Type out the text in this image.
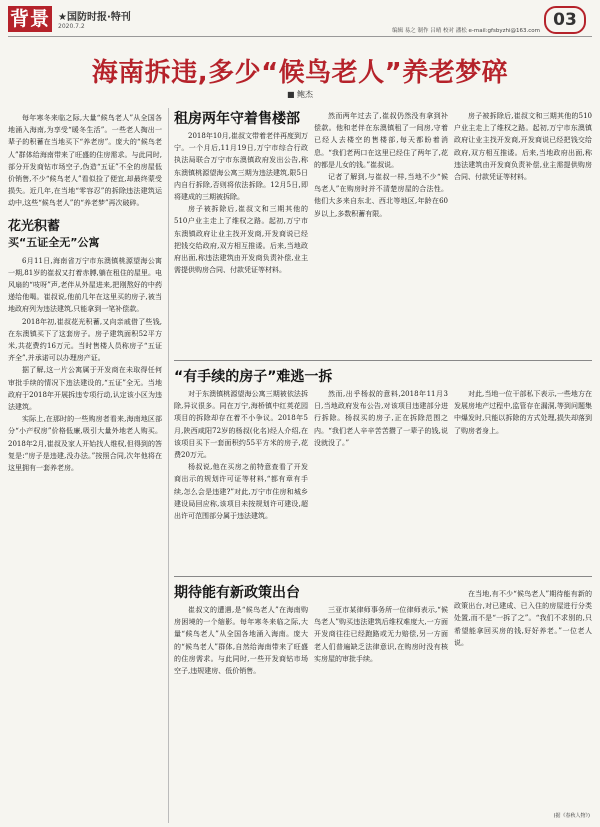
背景 ★国防时报·特刊
2020.7.2
编辑 易之 制作 吕晴 校对 潘松 e-mail:gfsbyzhi@163.com
03
海南拆违,多少“候鸟老人”养老梦碎
■ 鲍杰

每年寒冬来临之际,大量“候鸟老人”从全国各地涌入海南,为享受“暖冬生活”。一些老人掏出一辈子的积蓄在当地买下“养老房”。庞大的“候鸟老人”群体给海南带来了旺盛的住房需求。与此同时,部分开发商钻市场空子,伪造“五证”不全的房屋低价销售,不少“候鸟老人”看似捡了便宜,却最终蒙受损失。近几年,在当地“零容忍”的拆除违法建筑运动中,这些“候鸟老人”的“养老梦”再次破碎。

花光积蓄
买“五证全无”公寓

6月11日,海南省万宁市东澳镇桃源望海公寓一期,81岁的崔叔又打着赤膊,躺在租住的屋里。电风扇的“吱呀”声,老伴从外屋进来,把刚熬好的中药递给他喝。崔叔说,他前几年在这里买的房子,被当地政府列为违法建筑,只能拿到一笔补偿款。

2018年初,崔叔花光积蓄,又向亲戚借了些钱,在东澳镇买下了这套房子。房子建筑面积52平方米,共花费约16万元。当时售楼人员称房子“五证齐全”,并承诺可以办理房产证。

据了解,这一片公寓属于开发商在未取得任何审批手续的情况下违法建设的,“五证”全无。当地政府于2018年开展拆违专项行动,认定该小区为违法建筑。

实际上,在那时的一些购房者看来,海南地区部分“小产权房”价格低廉,吸引大量外地老人购买。2018年2月,崔叔及家人开始找人维权,但得到的答复是:“房子是违建,没办法。”按照合同,次年他将在这里拥有一套养老房。

租房两年守着售楼部

2018年10月,崔叔文带着老伴再度到万宁。一个月后,11月19日,万宁市综合行政执法局联合万宁市东澳镇政府发出公告,称东澳镇桃源望海公寓三期为违法建筑,限5日内自行拆除,否则将依法拆除。12月5日,即将建成的三期被拆除。

房子被拆除后,崔叔文和三期其他的510户业主走上了维权之路。起初,万宁市东澳镇政府让业主找开发商,开发商说已经把钱交给政府,双方相互推诿。后来,当地政府出面,称违法建筑由开发商负责补偿,业主需提供购房合同、付款凭证等材料。

然而两年过去了,崔叔仍然没有拿到补偿款。他和老伴在东澳镇租了一间房,守着已经人去楼空的售楼部,每天都盼着消息。“我们老两口在这里已经住了两年了,花的都是儿女的钱。”崔叔说。

记者了解到,与崔叔一样,当地不少“候鸟老人”在购房时并不清楚房屋的合法性。他们大多来自东北、西北等地区,年龄在60岁以上,多数积蓄有限。

房子被拆除后,崔叔文和三期其他的510户业主走上了维权之路。起初,万宁市东澳镇政府让业主找开发商,开发商说已经把钱交给政府,双方相互推诿。后来,当地政府出面,称违法建筑由开发商负责补偿,业主需提供购房合同、付款凭证等材料。

“有手续的房子”难逃一拆

对于东澳镇桃源望海公寓三期被依法拆除,异议很多。同在万宁,海桥镇中红英花园项目的拆除却存在着不小争议。2018年5月,陕西咸阳72岁的杨叔(化名)经人介绍,在该项目买下一套面积约55平方米的房子,花费20万元。

杨叔说,他在买房之前特意查看了开发商出示的规划许可证等材料,“都有章有手续,怎么会是违建?”对此,万宁市住房和城乡建设局回应称,该项目未按规划许可建设,超出许可范围部分属于违法建筑。

然而,出乎杨叔的意料,2018年11月3日,当地政府发布公告,对该项目违建部分进行拆除。杨叔买的房子,正在拆除范围之内。“我们老人辛辛苦苦攒了一辈子的钱,说没就没了。”

对此,当地一位干部私下表示,一些地方在发展房地产过程中,监管存在漏洞,等到问题集中爆发时,只能以拆除的方式处理,损失却落到了购房者身上。

期待能有新政策出台

崔叔文的遭遇,是“候鸟老人”在海南购房困境的一个缩影。每年寒冬来临之际,大量“候鸟老人”从全国各地涌入海南。庞大的“候鸟老人”群体,自然给海南带来了旺盛的住房需求。与此同时,一些开发商钻市场空子,违规建房、低价销售。

三亚市某律师事务所一位律师表示,“候鸟老人”购买违法建筑后维权难度大,一方面开发商往往已经跑路或无力赔偿,另一方面老人们普遍缺乏法律意识,在购房时没有核实房屋的审批手续。

在当地,有不少“候鸟老人”期待能有新的政策出台,对已建成、已入住的房屋进行分类处置,而不是“一拆了之”。“我们不求别的,只希望能拿回买房的钱,好好养老。”一位老人说。

(据《春秋人物》)
